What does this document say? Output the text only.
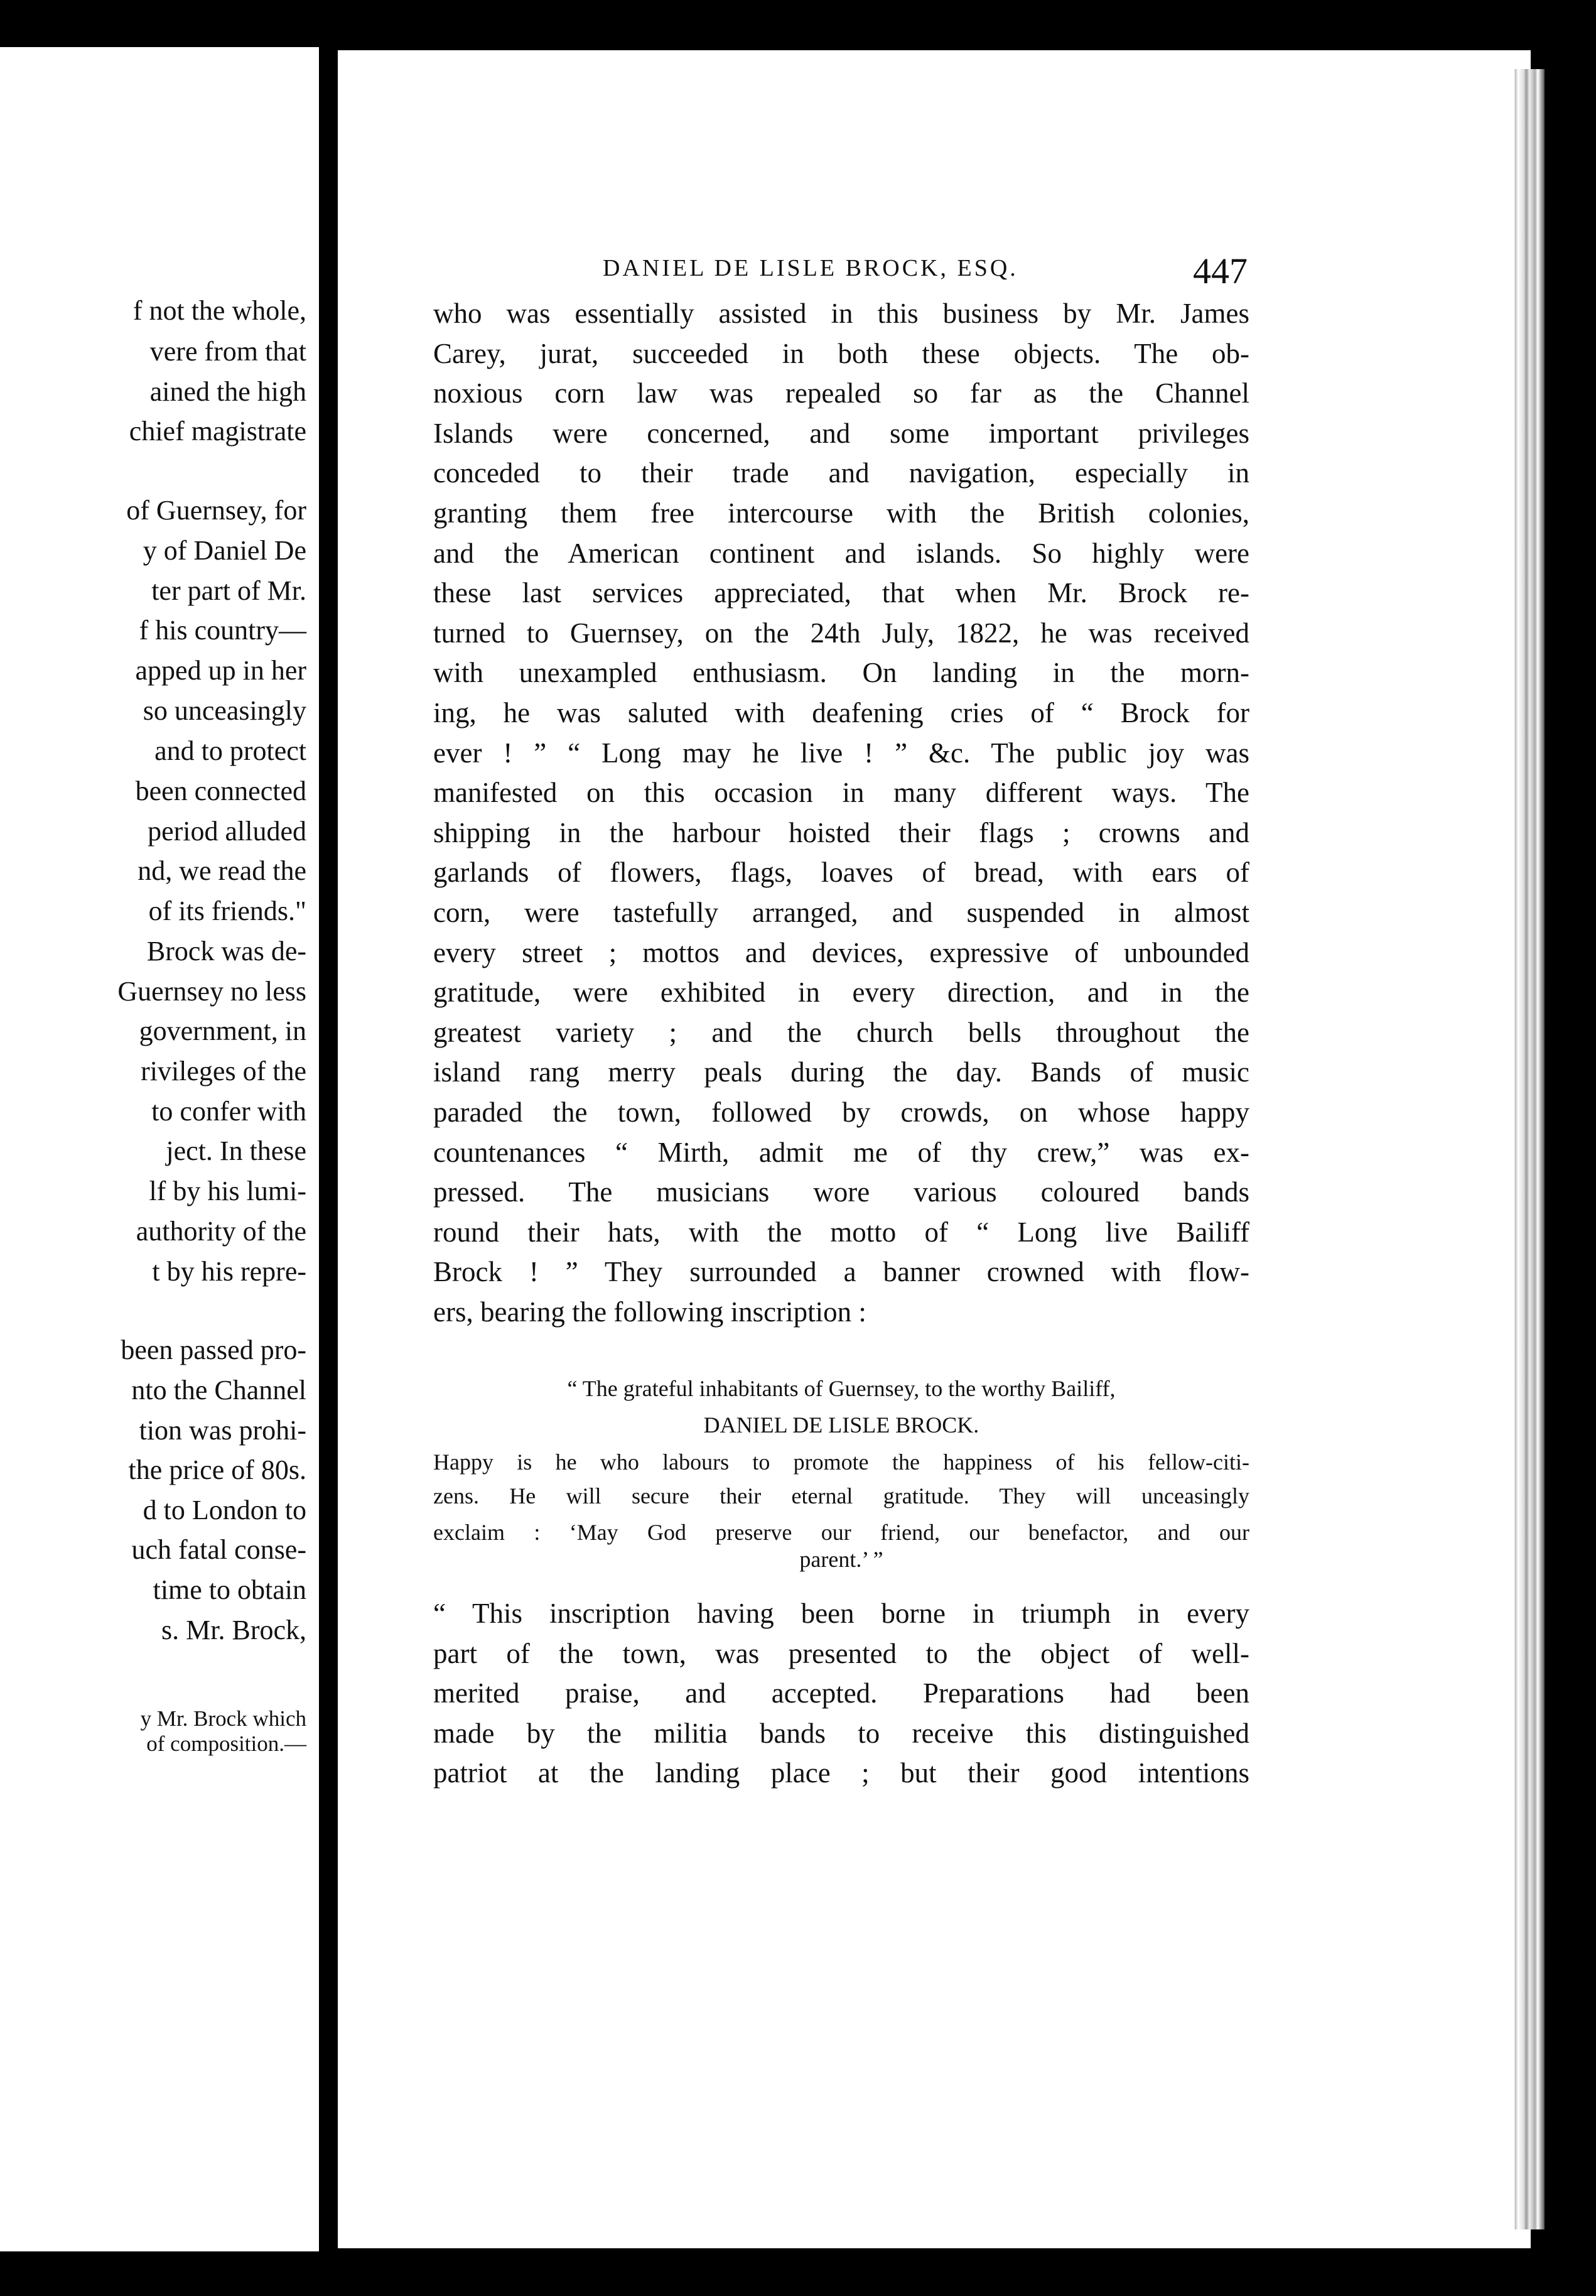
f not the whole,
vere from that
ained the high
chief magistrate
of Guernsey, for
y of Daniel De
ter part of Mr.
f his country—
apped up in her
so unceasingly
and to protect
been connected
period alluded
nd, we read the
of its friends."
Brock was de-
Guernsey no less
government, in
rivileges of the
to confer with
ject. In these
lf by his lumi-
authority of the
t by his repre-
been passed pro-
nto the Channel
tion was prohi-
the price of 80s.
d to London to
uch fatal conse-
time to obtain
s. Mr. Brock,
y Mr. Brock which
of composition.—
DANIEL DE LISLE BROCK, ESQ.	447
who was essentially assisted in this business by Mr. James
Carey, jurat, succeeded in both these objects. The ob-
noxious corn law was repealed so far as the Channel
Islands were concerned, and some important privileges
conceded to their trade and navigation, especially in
granting them free intercourse with the British colonies,
and the American continent and islands. So highly were
these last services appreciated, that when Mr. Brock re-
turned to Guernsey, on the 24th July, 1822, he was received
with unexampled enthusiasm. On landing in the morn-
ing, he was saluted with deafening cries of “ Brock for
ever ! ” “ Long may he live ! ” &c. The public joy was
manifested on this occasion in many different ways. The
shipping in the harbour hoisted their flags ; crowns and
garlands of flowers, flags, loaves of bread, with ears of
corn, were tastefully arranged, and suspended in almost
every street ; mottos and devices, expressive of unbounded
gratitude, were exhibited in every direction, and in the
greatest variety ; and the church bells throughout the
island rang merry peals during the day. Bands of music
paraded the town, followed by crowds, on whose happy
countenances “ Mirth, admit me of thy crew,” was ex-
pressed. The musicians wore various coloured bands
round their hats, with the motto of “ Long live Bailiff
Brock ! ” They surrounded a banner crowned with flow-
ers, bearing the following inscription :
“ The grateful inhabitants of Guernsey, to the worthy Bailiff,
DANIEL DE LISLE BROCK.
Happy is he who labours to promote the happiness of his fellow-citi-
zens. He will secure their eternal gratitude. They will unceasingly
exclaim : ‘May God preserve our friend, our benefactor, and our
parent.’ ”
“ This inscription having been borne in triumph in every
part of the town, was presented to the object of well-
merited praise, and accepted. Preparations had been
made by the militia bands to receive this distinguished
patriot at the landing place ; but their good intentions
